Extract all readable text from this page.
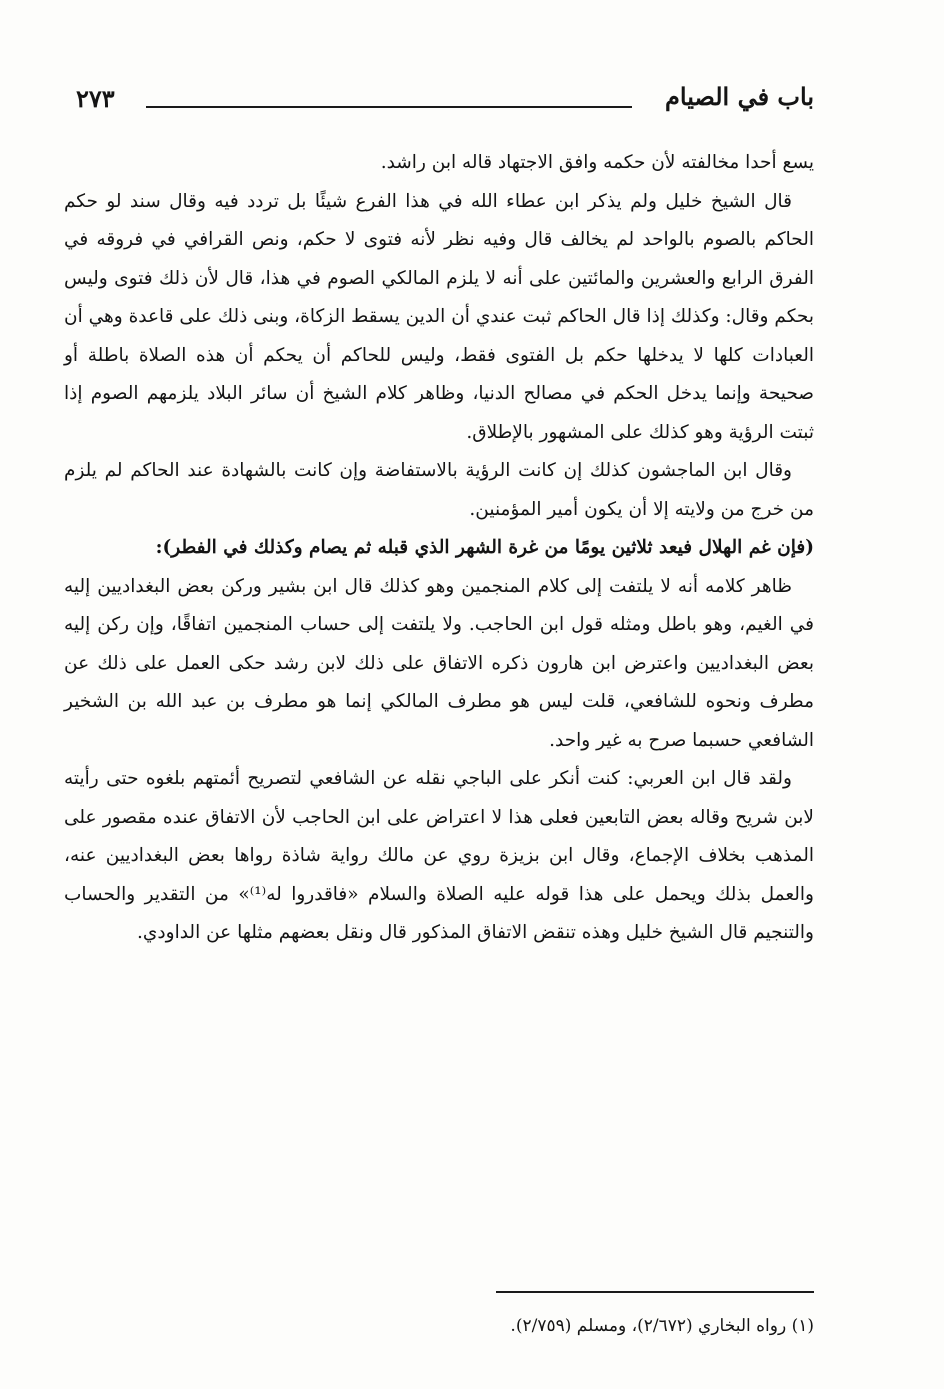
باب في الصيام
٢٧٣

يسع أحدا مخالفته لأن حكمه وافق الاجتهاد قاله ابن راشد.

قال الشيخ خليل ولم يذكر ابن عطاء الله في هذا الفرع شيئًا بل تردد فيه وقال سند لو حكم الحاكم بالصوم بالواحد لم يخالف قال وفيه نظر لأنه فتوى لا حكم، ونص القرافي في فروقه في الفرق الرابع والعشرين والمائتين على أنه لا يلزم المالكي الصوم في هذا، قال لأن ذلك فتوى وليس بحكم وقال: وكذلك إذا قال الحاكم ثبت عندي أن الدين يسقط الزكاة، وبنى ذلك على قاعدة وهي أن العبادات كلها لا يدخلها حكم بل الفتوى فقط، وليس للحاكم أن يحكم أن هذه الصلاة باطلة أو صحيحة وإنما يدخل الحكم في مصالح الدنيا، وظاهر كلام الشيخ أن سائر البلاد يلزمهم الصوم إذا ثبتت الرؤية وهو كذلك على المشهور بالإطلاق.

وقال ابن الماجشون كذلك إن كانت الرؤية بالاستفاضة وإن كانت بالشهادة عند الحاكم لم يلزم من خرج من ولايته إلا أن يكون أمير المؤمنين.

(فإن غم الهلال فيعد ثلاثين يومًا من غرة الشهر الذي قبله ثم يصام وكذلك في الفطر):

ظاهر كلامه أنه لا يلتفت إلى كلام المنجمين وهو كذلك قال ابن بشير وركن بعض البغداديين إليه في الغيم، وهو باطل ومثله قول ابن الحاجب. ولا يلتفت إلى حساب المنجمين اتفاقًا، وإن ركن إليه بعض البغداديين واعترض ابن هارون ذكره الاتفاق على ذلك لابن رشد حكى العمل على ذلك عن مطرف ونحوه للشافعي، قلت ليس هو مطرف المالكي إنما هو مطرف بن عبد الله بن الشخير الشافعي حسبما صرح به غير واحد.

ولقد قال ابن العربي: كنت أنكر على الباجي نقله عن الشافعي لتصريح أئمتهم بلغوه حتى رأيته لابن شريح وقاله بعض التابعين فعلى هذا لا اعتراض على ابن الحاجب لأن الاتفاق عنده مقصور على المذهب بخلاف الإجماع، وقال ابن بزيزة روي عن مالك رواية شاذة رواها بعض البغداديين عنه، والعمل بذلك ويحمل على هذا قوله عليه الصلاة والسلام «فاقدروا له⁽¹⁾» من التقدير والحساب والتنجيم قال الشيخ خليل وهذه تنقض الاتفاق المذكور قال ونقل بعضهم مثلها عن الداودي.

(١) رواه البخاري (٢/٦٧٢)، ومسلم (٢/٧٥٩).
